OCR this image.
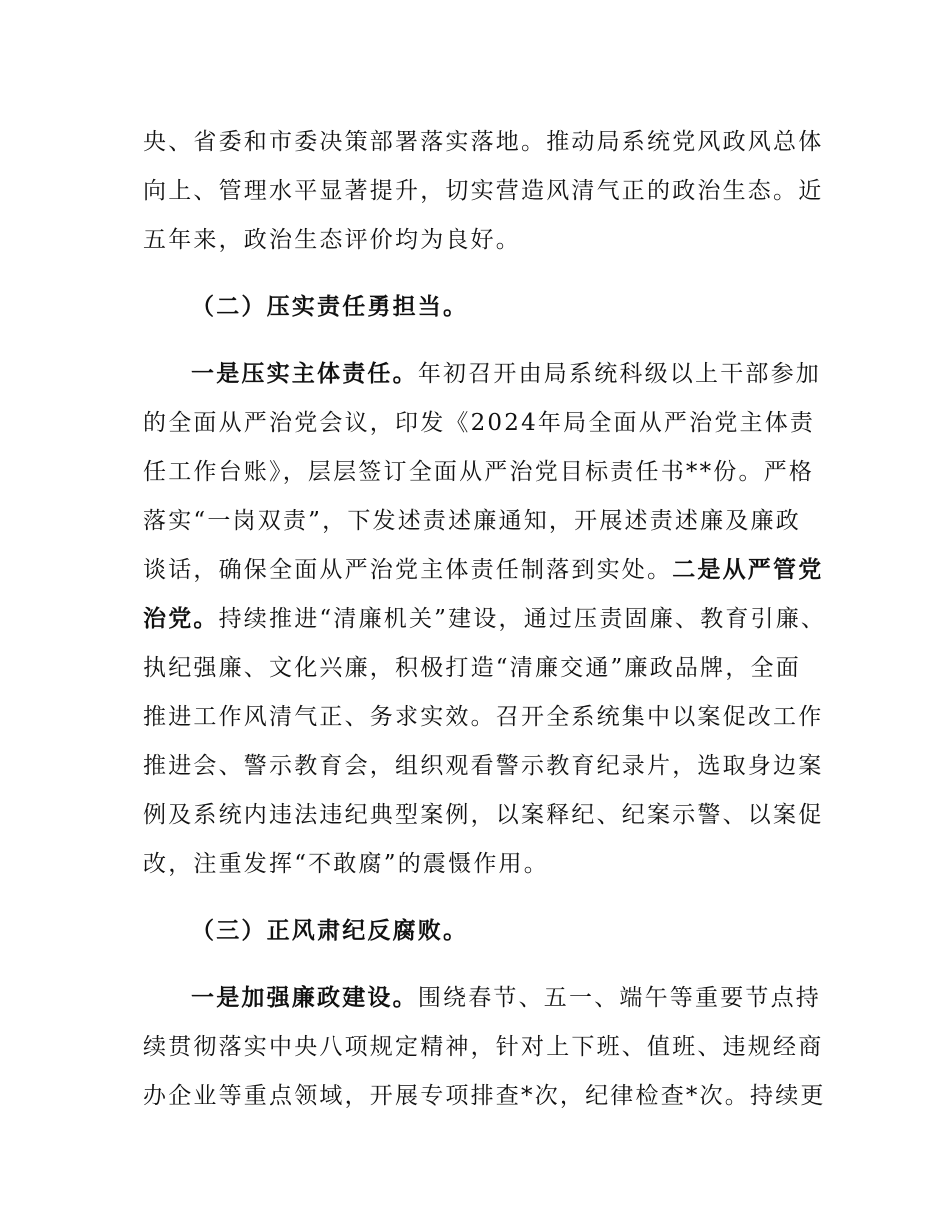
央、省委和市委决策部署落实落地。推动局系统党风政风总体
向上、管理水平显著提升，切实营造风清气正的政治生态。近
五年来，政治生态评价均为良好。
（二）压实责任勇担当。
一是压实主体责任。年初召开由局系统科级以上干部参加
的全面从严治党会议，印发《2024年局全面从严治党主体责
任工作台账》，层层签订全面从严治党目标责任书**份。严格
落实“一岗双责”，下发述责述廉通知，开展述责述廉及廉政
谈话，确保全面从严治党主体责任制落到实处。二是从严管党
治党。持续推进“清廉机关”建设，通过压责固廉、教育引廉、
执纪强廉、文化兴廉，积极打造“清廉交通”廉政品牌，全面
推进工作风清气正、务求实效。召开全系统集中以案促改工作
推进会、警示教育会，组织观看警示教育纪录片，选取身边案
例及系统内违法违纪典型案例，以案释纪、纪案示警、以案促
改，注重发挥“不敢腐”的震慑作用。
（三）正风肃纪反腐败。
一是加强廉政建设。围绕春节、五一、端午等重要节点持
续贯彻落实中央八项规定精神，针对上下班、值班、违规经商
办企业等重点领域，开展专项排查*次，纪律检查*次。持续更
